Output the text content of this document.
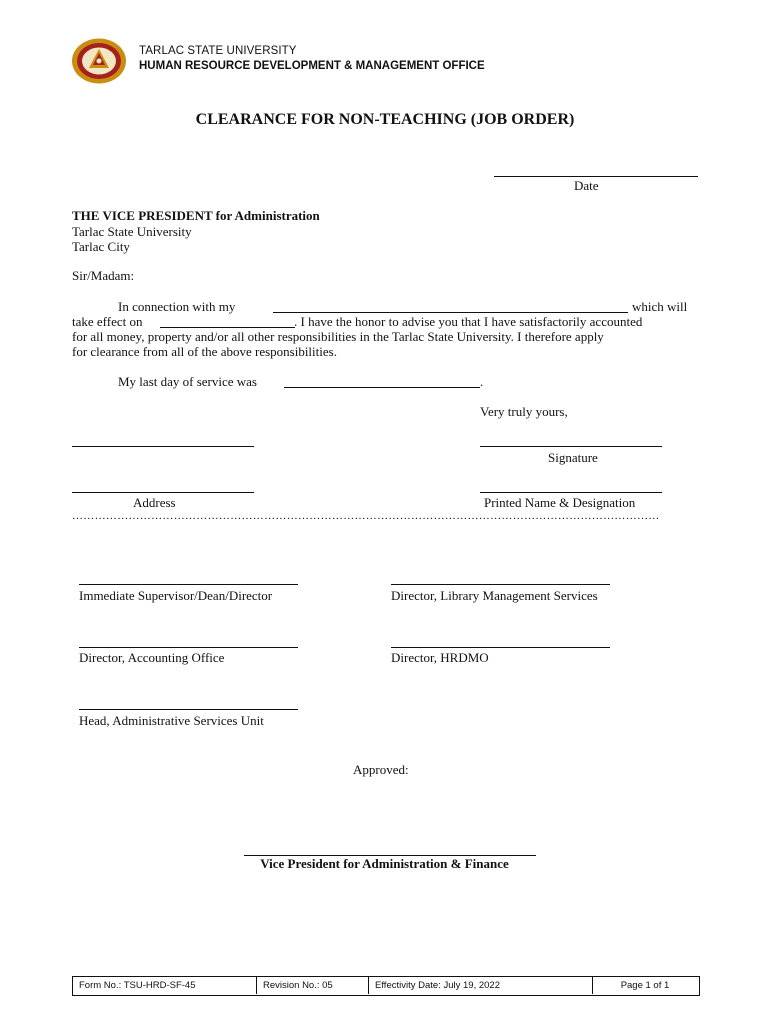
TARLAC STATE UNIVERSITY
HUMAN RESOURCE DEVELOPMENT & MANAGEMENT OFFICE
CLEARANCE FOR NON-TEACHING (JOB ORDER)
Date
THE VICE PRESIDENT for Administration
Tarlac State University
Tarlac City
Sir/Madam:
In connection with my	which will
take effect on	. I have the honor to advise you that I have satisfactorily accounted
for all money, property and/or all other responsibilities in the Tarlac State University. I therefore apply
for clearance from all of the above responsibilities.
My last day of service was	.
Very truly yours,
Signature
Address	Printed Name & Designation
…………………………………………………………………………………………………………………………………………
Immediate Supervisor/Dean/Director	Director, Library Management Services
Director, Accounting Office	Director, HRDMO
Head, Administrative Services Unit
Approved:
Vice President for Administration & Finance
Form No.: TSU-HRD-SF-45	Revision No.: 05	Effectivity Date: July 19, 2022	Page 1 of 1
